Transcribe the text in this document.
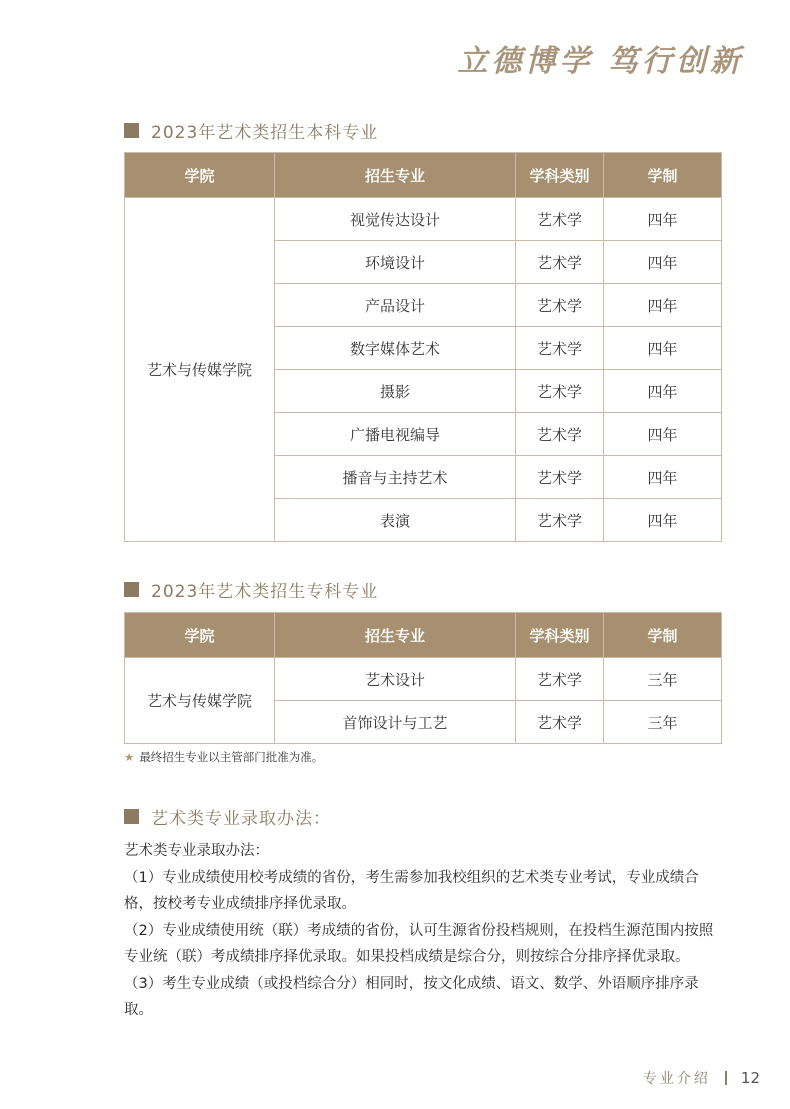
立德博学 笃行创新
2023年艺术类招生本科专业
学院	招生专业	学科类别	学制
艺术与传媒学院	视觉传达设计	艺术学	四年
	环境设计	艺术学	四年
	产品设计	艺术学	四年
	数字媒体艺术	艺术学	四年
	摄影	艺术学	四年
	广播电视编导	艺术学	四年
	播音与主持艺术	艺术学	四年
	表演	艺术学	四年
2023年艺术类招生专科专业
学院	招生专业	学科类别	学制
艺术与传媒学院	艺术设计	艺术学	三年
	首饰设计与工艺	艺术学	三年
★ 最终招生专业以主管部门批准为准。
艺术类专业录取办法：

艺术类专业录取办法：

（1）专业成绩使用校考成绩的省份，考生需参加我校组织的艺术类专业考试，专业成绩合格，按校考专业成绩排序择优录取。

（2）专业成绩使用统（联）考成绩的省份，认可生源省份投档规则，在投档生源范围内按照专业统（联）考成绩排序择优录取。如果投档成绩是综合分，则按综合分排序择优录取。

（3）考生专业成绩（或投档综合分）相同时，按文化成绩、语文、数学、外语顺序排序录取。

专业介绍 12
